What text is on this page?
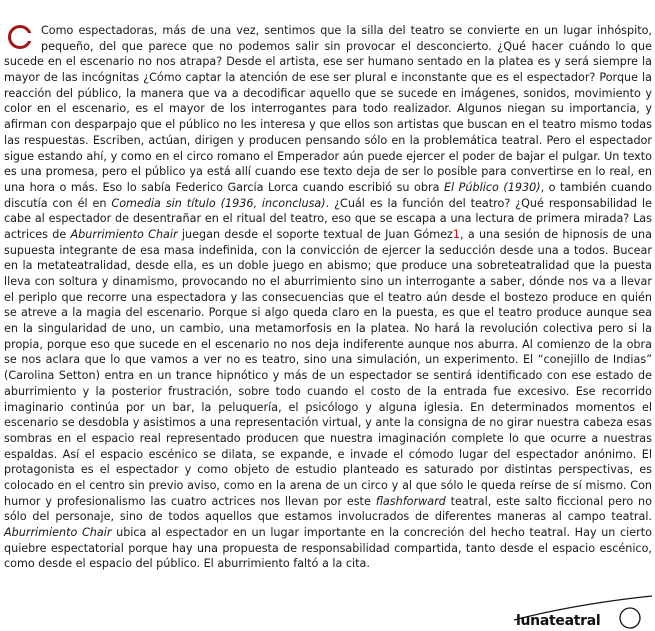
Como espectadoras, más de una vez, sentimos que la silla del teatro se convierte en un lugar inhóspito, pequeño, del que parece que no podemos salir sin provocar el desconcierto. ¿Qué hacer cuándo lo que sucede en el escenario no nos atrapa? Desde el artista, ese ser humano sentado en la platea es y será siempre la mayor de las incógnitas ¿Cómo captar la atención de ese ser plural e inconstante que es el espectador? Porque la reacción del público, la manera que va a decodificar aquello que se sucede en imágenes, sonidos, movimiento y color en el escenario, es el mayor de los interrogantes para todo realizador. Algunos niegan su importancia, y afirman con desparpajo que el público no les interesa y que ellos son artistas que buscan en el teatro mismo todas las respuestas. Escriben, actúan, dirigen y producen pensando sólo en la problemática teatral. Pero el espectador sigue estando ahí, y como en el circo romano el Emperador aún puede ejercer el poder de bajar el pulgar. Un texto es una promesa, pero el público ya está allí cuando ese texto deja de ser lo posible para convertirse en lo real, en una hora o más. Eso lo sabía Federico García Lorca cuando escribió su obra El Público (1930), o también cuando discutía con él en Comedia sin título (1936, inconclusa). ¿Cuál es la función del teatro? ¿Qué responsabilidad le cabe al espectador de desentrañar en el ritual del teatro, eso que se escapa a una lectura de primera mirada? Las actrices de Aburrimiento Chair juegan desde el soporte textual de Juan Gómez1, a una sesión de hipnosis de una supuesta integrante de esa masa indefinida, con la convicción de ejercer la seducción desde una a todos. Bucear en la metateatralidad, desde ella, es un doble juego en abismo; que produce una sobreteatralidad que la puesta lleva con soltura y dinamismo, provocando no el aburrimiento sino un interrogante a saber, dónde nos va a llevar el periplo que recorre una espectadora y las consecuencias que el teatro aún desde el bostezo produce en quién se atreve a la magia del escenario. Porque si algo queda claro en la puesta, es que el teatro produce aunque sea en la singularidad de uno, un cambio, una metamorfosis en la platea. No hará la revolución colectiva pero si la propia, porque eso que sucede en el escenario no nos deja indiferente aunque nos aburra. Al comienzo de la obra se nos aclara que lo que vamos a ver no es teatro, sino una simulación, un experimento. El “conejillo de Indias” (Carolina Setton) entra en un trance hipnótico y más de un espectador se sentirá identificado con ese estado de aburrimiento y la posterior frustración, sobre todo cuando el costo de la entrada fue excesivo. Ese recorrido imaginario continúa por un bar, la peluquería, el psicólogo y alguna iglesia. En determinados momentos el escenario se desdobla y asistimos a una representación virtual, y ante la consigna de no girar nuestra cabeza esas sombras en el espacio real representado producen que nuestra imaginación complete lo que ocurre a nuestras espaldas. Así el espacio escénico se dilata, se expande, e invade el cómodo lugar del espectador anónimo. El protagonista es el espectador y como objeto de estudio planteado es saturado por distintas perspectivas, es colocado en el centro sin previo aviso, como en la arena de un circo y al que sólo le queda reírse de sí mismo. Con humor y profesionalismo las cuatro actrices nos llevan por este flashforward teatral, este salto ficcional pero no sólo del personaje, sino de todos aquellos que estamos involucrados de diferentes maneras al campo teatral. Aburrimiento Chair ubica al espectador en un lugar importante en la concreción del hecho teatral. Hay un cierto quiebre espectatorial porque hay una propuesta de responsabilidad compartida, tanto desde el espacio escénico, como desde el espacio del público. El aburrimiento faltó a la cita.

lunateatral
